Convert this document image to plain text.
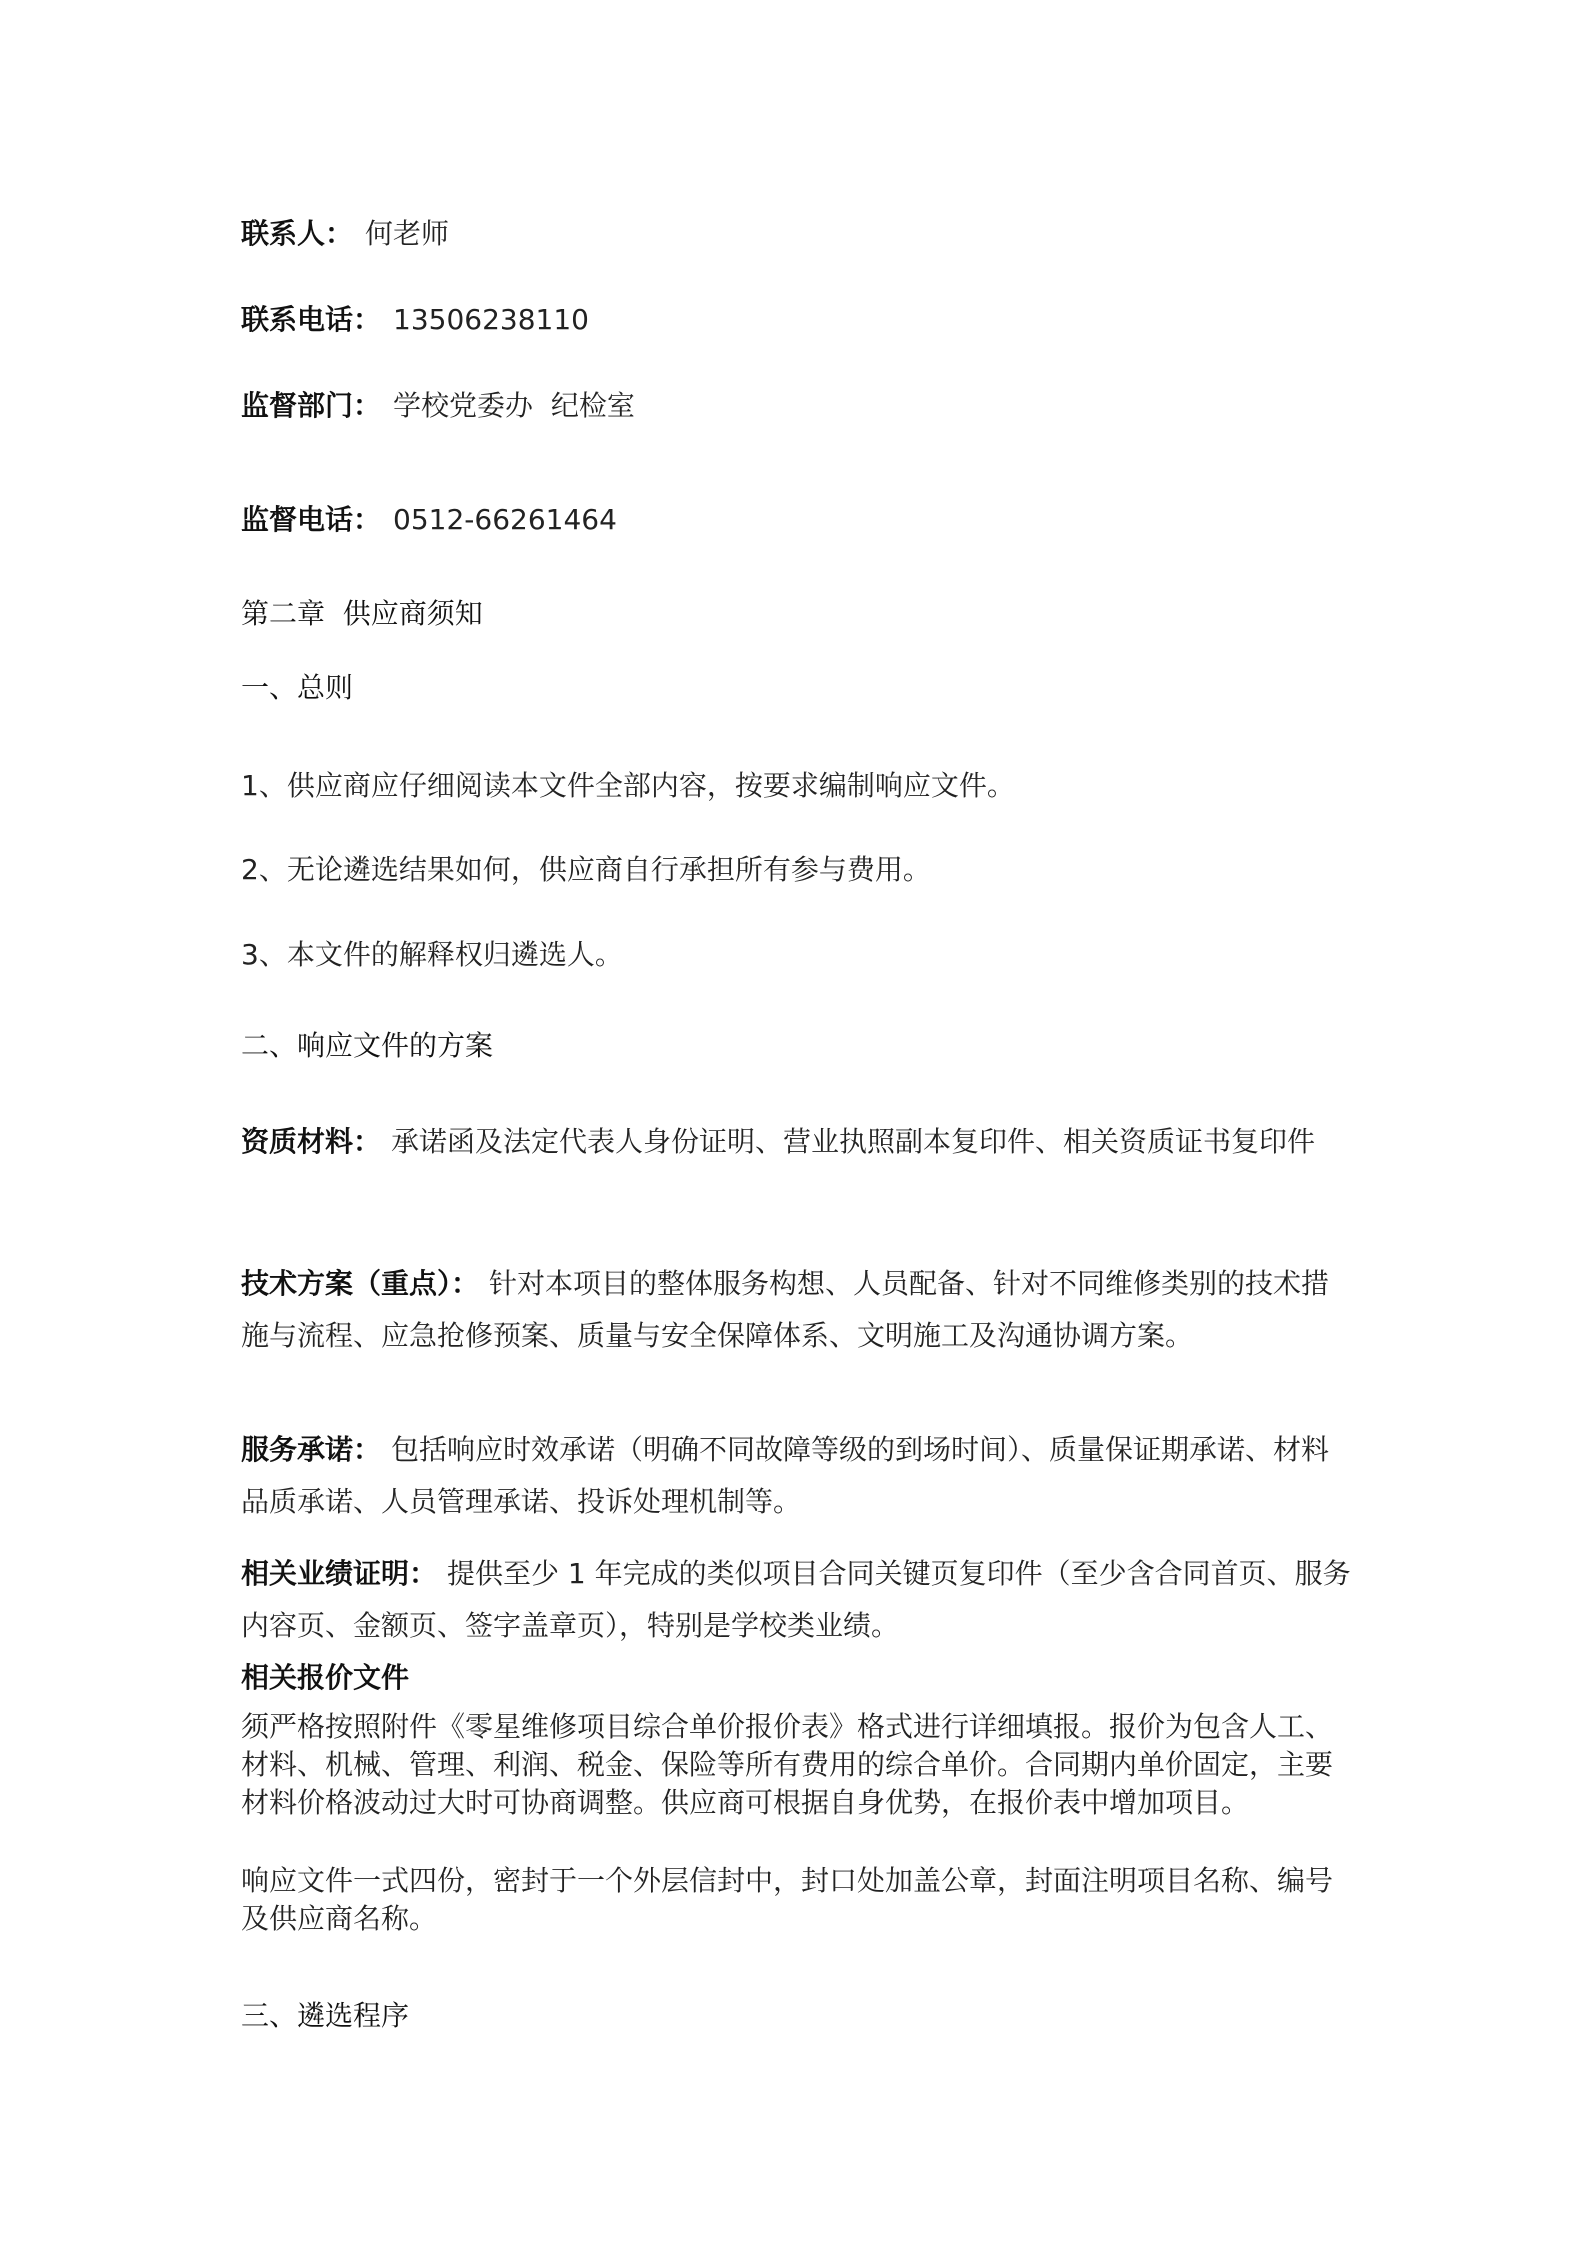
联系人： 何老师
联系电话： 13506238110
监督部门： 学校党委办  纪检室
监督电话： 0512-66261464
第二章  供应商须知
一、总则
1、供应商应仔细阅读本文件全部内容，按要求编制响应文件。
2、无论遴选结果如何，供应商自行承担所有参与费用。
3、本文件的解释权归遴选人。
二、响应文件的方案
资质材料： 承诺函及法定代表人身份证明、营业执照副本复印件、相关资质证书复印件
技术方案（重点）： 针对本项目的整体服务构想、人员配备、针对不同维修类别的技术措施与流程、应急抢修预案、质量与安全保障体系、文明施工及沟通协调方案。
服务承诺： 包括响应时效承诺（明确不同故障等级的到场时间）、质量保证期承诺、材料品质承诺、人员管理承诺、投诉处理机制等。
相关业绩证明： 提供至少 1 年完成的类似项目合同关键页复印件（至少含合同首页、服务内容页、金额页、签字盖章页），特别是学校类业绩。
相关报价文件
须严格按照附件《零星维修项目综合单价报价表》格式进行详细填报。报价为包含人工、材料、机械、管理、利润、税金、保险等所有费用的综合单价。合同期内单价固定，主要材料价格波动过大时可协商调整。供应商可根据自身优势，在报价表中增加项目。
响应文件一式四份，密封于一个外层信封中，封口处加盖公章，封面注明项目名称、编号及供应商名称。
三、遴选程序
